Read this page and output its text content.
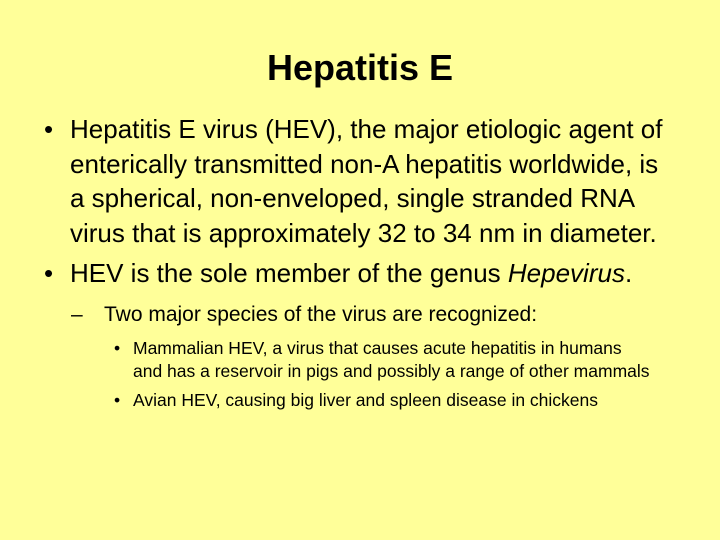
Hepatitis E
• Hepatitis E virus (HEV), the major etiologic agent of enterically transmitted non-A hepatitis worldwide, is a spherical, non-enveloped, single stranded RNA virus that is approximately 32 to 34 nm in diameter.
• HEV is the sole member of the genus Hepevirus.
– Two major species of the virus are recognized:
• Mammalian HEV, a virus that causes acute hepatitis in humans and has a reservoir in pigs and possibly a range of other mammals
• Avian HEV, causing big liver and spleen disease in chickens
